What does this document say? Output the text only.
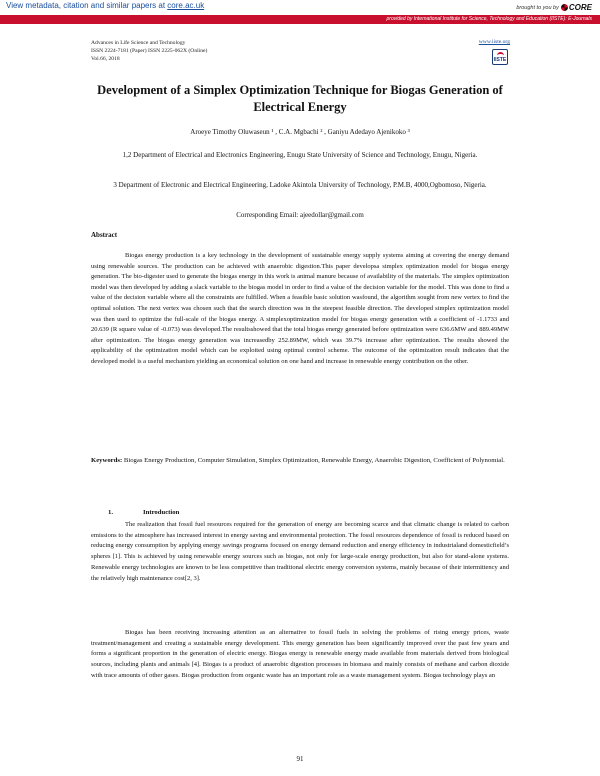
View metadata, citation and similar papers at core.ac.uk	brought to you by CORE
provided by International Institute for Science, Technology and Education (IISTE): E-Journals
Advances in Life Science and Technology
ISSN 2224-7181 (Paper) ISSN 2225-062X (Online)
Vol.66, 2018
www.iiste.org
IISTE
Development of a Simplex Optimization Technique for Biogas Generation of Electrical Energy
Aroeye Timothy Oluwaseun ¹ , C.A. Mgbachi ² , Ganiyu Adedayo Ajenikoko ³
1,2 Department of Electrical and Electronics Engineering, Enugu State University of Science and Technology, Enugu, Nigeria.
3 Department of Electronic and Electrical Engineering, Ladoke Akintola University of Technology, P.M.B, 4000,Ogbomoso, Nigeria.
Corresponding Email: ajeedollar@gmail.com
Abstract
Biogas energy production is a key technology in the development of sustainable energy supply systems aiming at covering the energy demand using renewable sources. The production can be achieved with anaerobic digestion.This paper developsa simplex optimization model for biogas energy generation. The bio-digester used to generate the biogas energy in this work is animal manure because of availability of the materials. The simplex optimization model was then developed by adding a slack variable to the biogas model in order to find a value of the decision variable for the model. This was done to find a value of the decision variable where all the constraints are fulfilled. When a feasible basic solution wasfound, the algorithm sought from new vertex to find the optimal solution. The next vertex was chosen such that the search direction was in the steepest feasible direction. The developed simplex optimization model was then used to optimize the full-scale of the biogas energy. A simplexoptimization model for biogas energy generation with a coefficient of -1.1733 and 20.639 (R square value of -0.073) was developed.The resultsshowed that the total biogas energy generated before optimization were 636.6MW and 889.49MW after optimization. The biogas energy generation was increasedby 252.89MW, which was 39.7% increase after optimization. The results showed the applicability of the optimization model which can be exploited using optimal control scheme. The outcome of the optimization result indicates that the developed model is a useful mechanism yielding an economical solution on one hand and increase in renewable energy contribution on the other.
Keywords: Biogas Energy Production, Computer Simulation, Simplex Optimization, Renewable Energy, Anaerobic Digestion, Coefficient of Polynomial.
1.	Introduction
The realization that fossil fuel resources required for the generation of energy are becoming scarce and that climatic change is related to carbon emissions to the atmosphere has increased interest in energy saving and environmental protection. The fossil resources dependence of fossil is reduced based on reducing energy consumption by applying energy savings programs focused on energy demand reduction and energy efficiency in industrialand domesticfield’s spheres [1]. This is achieved by using renewable energy sources such as biogas, not only for large-scale energy production, but also for stand-alone systems. Renewable energy technologies are known to be less competitive than traditional electric energy conversion systems, mainly because of their intermittency and the relatively high maintenance cost[2, 3].
Biogas has been receiving increasing attention as an alternative to fossil fuels in solving the problems of rising energy prices, waste treatment/management and creating a sustainable energy development. This energy generation has been significantly improved over the past few years and forms a significant proportion in the generation of electric energy. Biogas energy is renewable energy made available from materials derived from biological sources, including plants and animals [4]. Biogas is a product of anaerobic digestion processes in biomass and mainly consists of methane and carbon dioxide with trace amounts of other gases. Biogas production from organic waste has an important role as a waste management system. Biogas technology plays an
91
